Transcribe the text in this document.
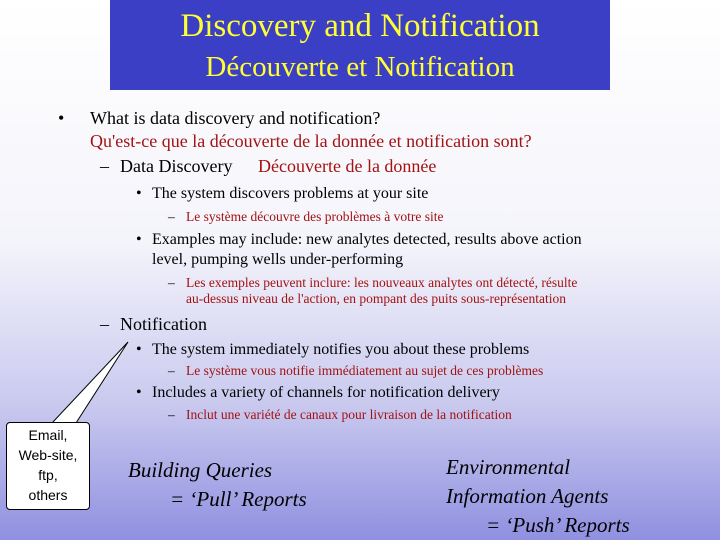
Discovery and Notification
Découverte et Notification
• What is data discovery and notification?
Qu'est-ce que la découverte de la donnée et notification sont?
– Data Discovery Découverte de la donnée
• The system discovers problems at your site
– Le système découvre des problèmes à votre site
• Examples may include: new analytes detected, results above action
level, pumping wells under-performing
– Les exemples peuvent inclure: les nouveaux analytes ont détecté, résulte
au-dessus niveau de l'action, en pompant des puits sous-représentation
– Notification
• The system immediately notifies you about these problems
– Le système vous notifie immédiatement au sujet de ces problèmes
• Includes a variety of channels for notification delivery
– Inclut une variété de canaux pour livraison de la notification
Email,
Web-site,
ftp,
others
Building Queries
= ‘Pull’ Reports
Environmental
Information Agents
= ‘Push’ Reports
